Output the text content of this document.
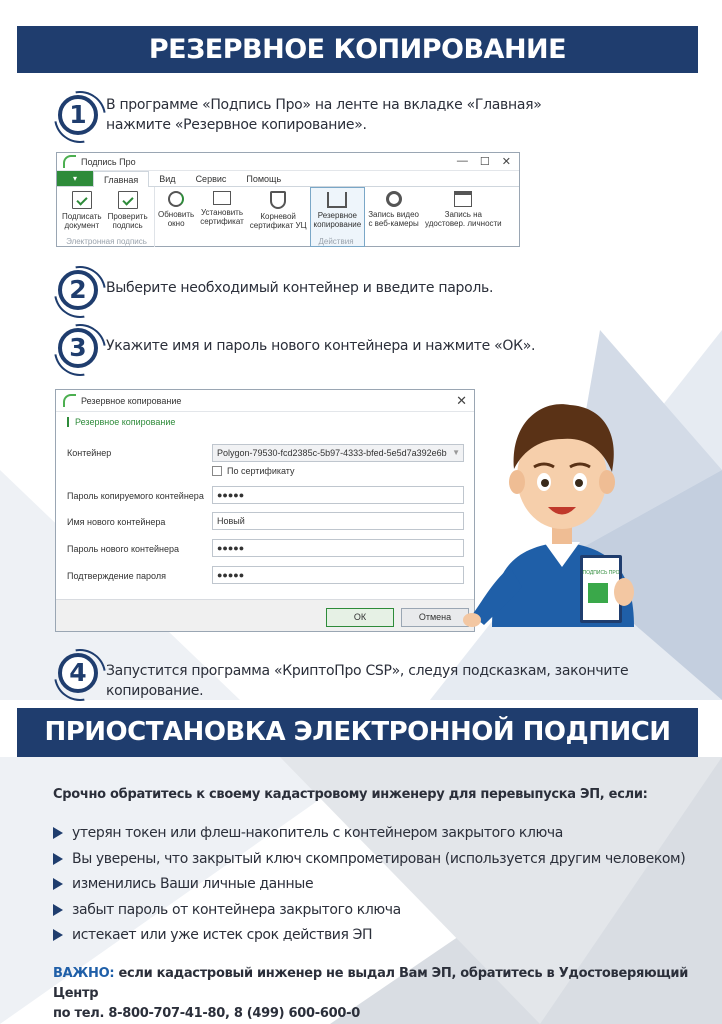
РЕЗЕРВНОЕ КОПИРОВАНИЕ
1	В программе «Подпись Про» на ленте на вкладке «Главная»
нажмите «Резервное копирование».
Подпись Про	— ☐ ✕
▾	Главная	Вид	Сервис	Помощь
Подписать
документ
Проверить
подпись
Электронная подпись
Обновить
окно
Установить
сертификат
Корневой
сертификат УЦ
Резервное
копирование
Запись видео
с веб-камеры
Запись на
удостовер. личности
Действия
2	Выберите необходимый контейнер и введите пароль.
3	Укажите имя и пароль нового контейнера и нажмите «ОК».
Резервное копирование	✕
Резервное копирование
Контейнер	Polygon-79530-fcd2385c-5b97-4333-bfed-5e5d7a392e6b ▼
По сертификату
Пароль копируемого контейнера	●●●●●
Имя нового контейнера	Новый
Пароль нового контейнера	●●●●●
Подтверждение пароля	●●●●●
ОК	Отмена
ПОДПИСЬ ПРО
4	Запустится программа «КриптоПро CSP», следуя подсказкам, закончите копирование.
ПРИОСТАНОВКА ЭЛЕКТРОННОЙ ПОДПИСИ
Срочно обратитесь к своему кадастровому инженеру для перевыпуска ЭП, если:
утерян токен или флеш-накопитель с контейнером закрытого ключа
Вы уверены, что закрытый ключ скомпрометирован (используется другим человеком)
изменились Ваши личные данные
забыт пароль от контейнера закрытого ключа
истекает или уже истек срок действия ЭП
ВАЖНО: если кадастровый инженер не выдал Вам ЭП, обратитесь в Удостоверяющий Центр
по тел. 8-800-707-41-80, 8 (499) 600-600-0
